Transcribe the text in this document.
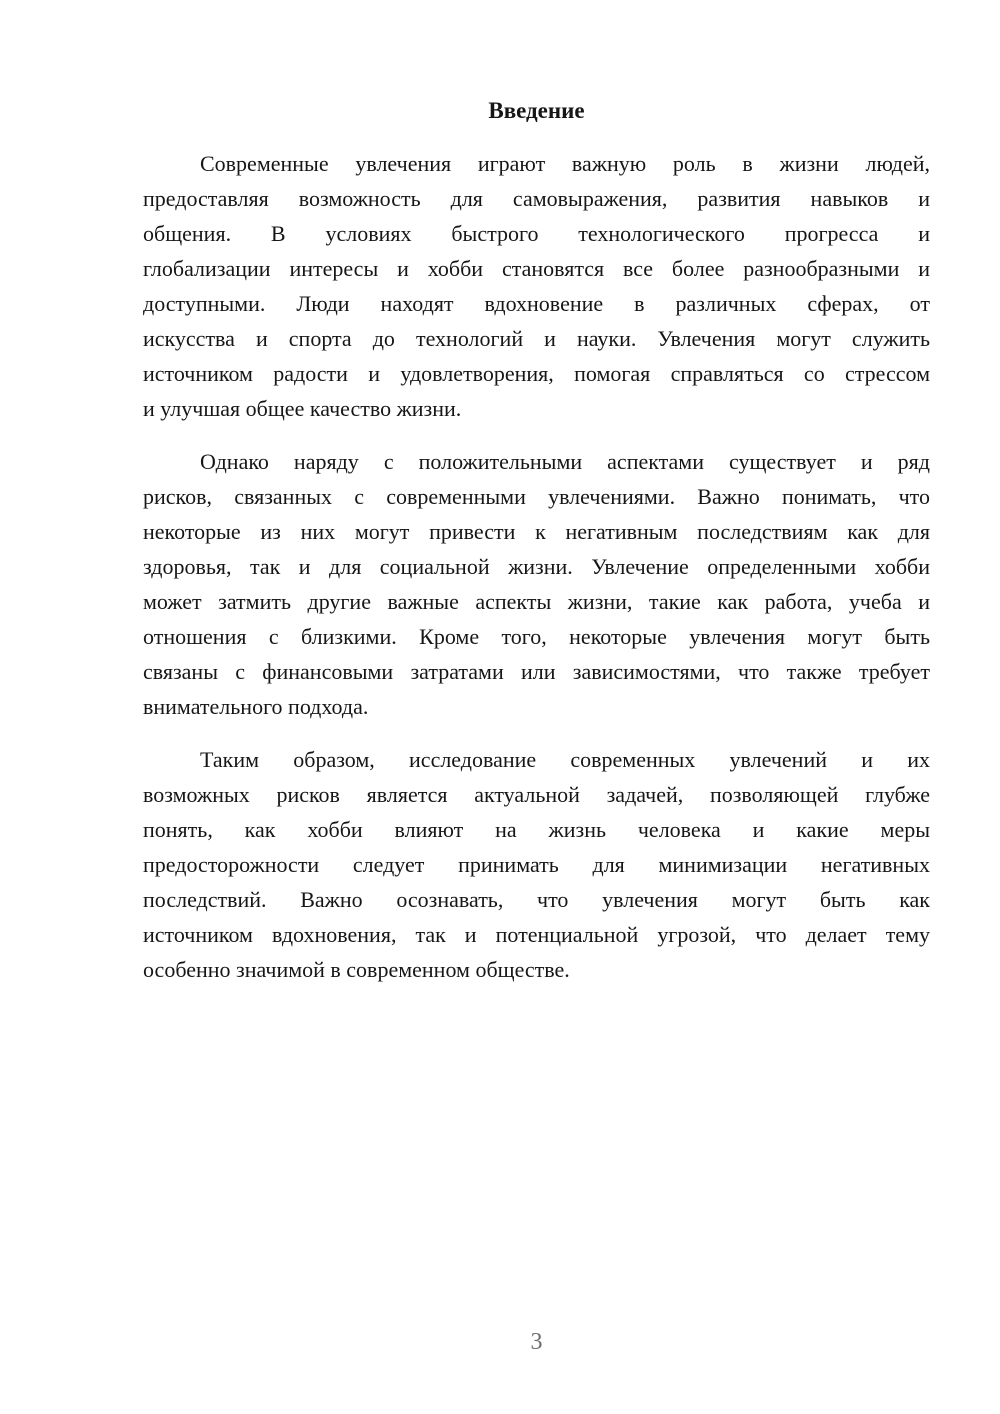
Введение
Современные увлечения играют важную роль в жизни людей,
предоставляя возможность для самовыражения, развития навыков и
общения. В условиях быстрого технологического прогресса и
глобализации интересы и хобби становятся все более разнообразными и
доступными. Люди находят вдохновение в различных сферах, от
искусства и спорта до технологий и науки. Увлечения могут служить
источником радости и удовлетворения, помогая справляться со стрессом
и улучшая общее качество жизни.
Однако наряду с положительными аспектами существует и ряд
рисков, связанных с современными увлечениями. Важно понимать, что
некоторые из них могут привести к негативным последствиям как для
здоровья, так и для социальной жизни. Увлечение определенными хобби
может затмить другие важные аспекты жизни, такие как работа, учеба и
отношения с близкими. Кроме того, некоторые увлечения могут быть
связаны с финансовыми затратами или зависимостями, что также требует
внимательного подхода.
Таким образом, исследование современных увлечений и их
возможных рисков является актуальной задачей, позволяющей глубже
понять, как хобби влияют на жизнь человека и какие меры
предосторожности следует принимать для минимизации негативных
последствий. Важно осознавать, что увлечения могут быть как
источником вдохновения, так и потенциальной угрозой, что делает тему
особенно значимой в современном обществе.
3
